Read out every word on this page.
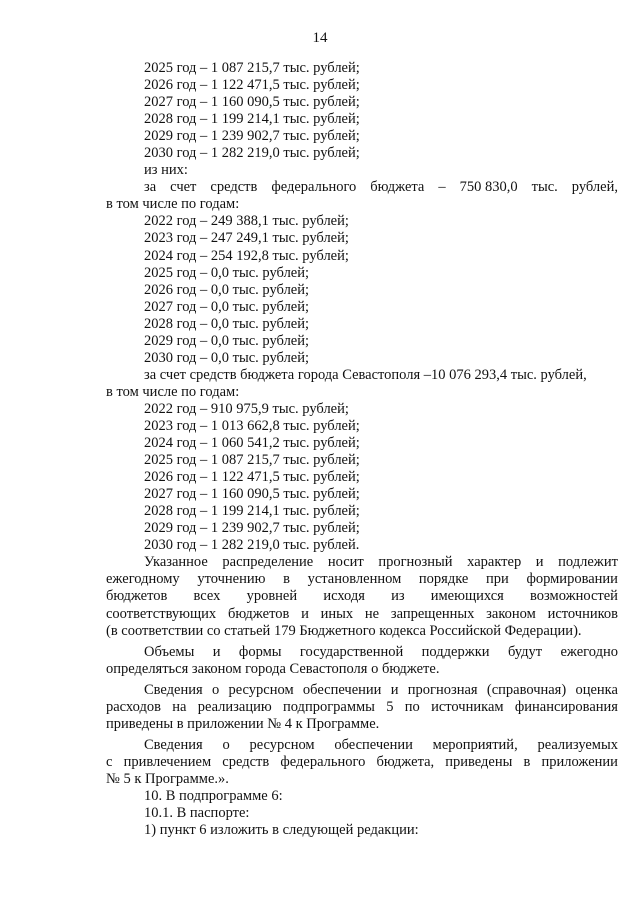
14
2025 год – 1 087 215,7 тыс. рублей;
2026 год – 1 122 471,5 тыс. рублей;
2027 год – 1 160 090,5 тыс. рублей;
2028 год – 1 199 214,1 тыс. рублей;
2029 год – 1 239 902,7 тыс. рублей;
2030 год – 1 282 219,0 тыс. рублей;
из них:
за счет средств федерального бюджета – 750 830,0 тыс. рублей,
в том числе по годам:
2022 год – 249 388,1 тыс. рублей;
2023 год – 247 249,1 тыс. рублей;
2024 год – 254 192,8 тыс. рублей;
2025 год – 0,0 тыс. рублей;
2026 год – 0,0 тыс. рублей;
2027 год – 0,0 тыс. рублей;
2028 год – 0,0 тыс. рублей;
2029 год – 0,0 тыс. рублей;
2030 год – 0,0 тыс. рублей;
за счет средств бюджета города Севастополя –10 076 293,4 тыс. рублей,
в том числе по годам:
2022 год – 910 975,9 тыс. рублей;
2023 год – 1 013 662,8 тыс. рублей;
2024 год – 1 060 541,2 тыс. рублей;
2025 год – 1 087 215,7 тыс. рублей;
2026 год – 1 122 471,5 тыс. рублей;
2027 год – 1 160 090,5 тыс. рублей;
2028 год – 1 199 214,1 тыс. рублей;
2029 год – 1 239 902,7 тыс. рублей;
2030 год – 1 282 219,0 тыс. рублей.
Указанное распределение носит прогнозный характер и подлежит
ежегодному уточнению в установленном порядке при формировании
бюджетов всех уровней исходя из имеющихся возможностей
соответствующих бюджетов и иных не запрещенных законом источников
(в соответствии со статьей 179 Бюджетного кодекса Российской Федерации).
Объемы и формы государственной поддержки будут ежегодно
определяться законом города Севастополя о бюджете.
Сведения о ресурсном обеспечении и прогнозная (справочная) оценка
расходов на реализацию подпрограммы 5 по источникам финансирования
приведены в приложении № 4 к Программе.
Сведения о ресурсном обеспечении мероприятий, реализуемых
с привлечением средств федерального бюджета, приведены в приложении
№ 5 к Программе.».
10. В подпрограмме 6:
10.1. В паспорте:
1) пункт 6 изложить в следующей редакции:
